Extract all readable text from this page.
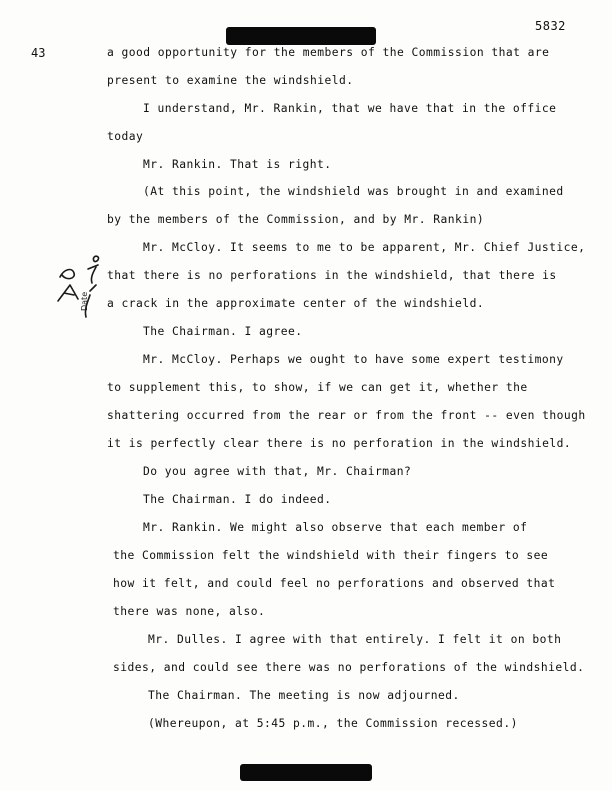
5832
43	a good opportunity for the members of the Commission that are
present to examine the windshield.
I understand, Mr. Rankin, that we have that in the office
today
Mr. Rankin. That is right.
(At this point, the windshield was brought in and examined
by the members of the Commission, and by Mr. Rankin)
Mr. McCloy. It seems to me to be apparent, Mr. Chief Justice,
that there is no perforations in the windshield, that there is
a crack in the approximate center of the windshield.
The Chairman. I agree.
Mr. McCloy. Perhaps we ought to have some expert testimony
to supplement this, to show, if we can get it, whether the
shattering occurred from the rear or from the front -- even though
it is perfectly clear there is no perforation in the windshield.
Do you agree with that, Mr. Chairman?
The Chairman. I do indeed.
Mr. Rankin. We might also observe that each member of
the Commission felt the windshield with their fingers to see
how it felt, and could feel no perforations and observed that
there was none, also.
Mr. Dulles. I agree with that entirely. I felt it on both
sides, and could see there was no perforations of the windshield.
The Chairman. The meeting is now adjourned.
(Whereupon, at 5:45 p.m., the Commission recessed.)
Date
